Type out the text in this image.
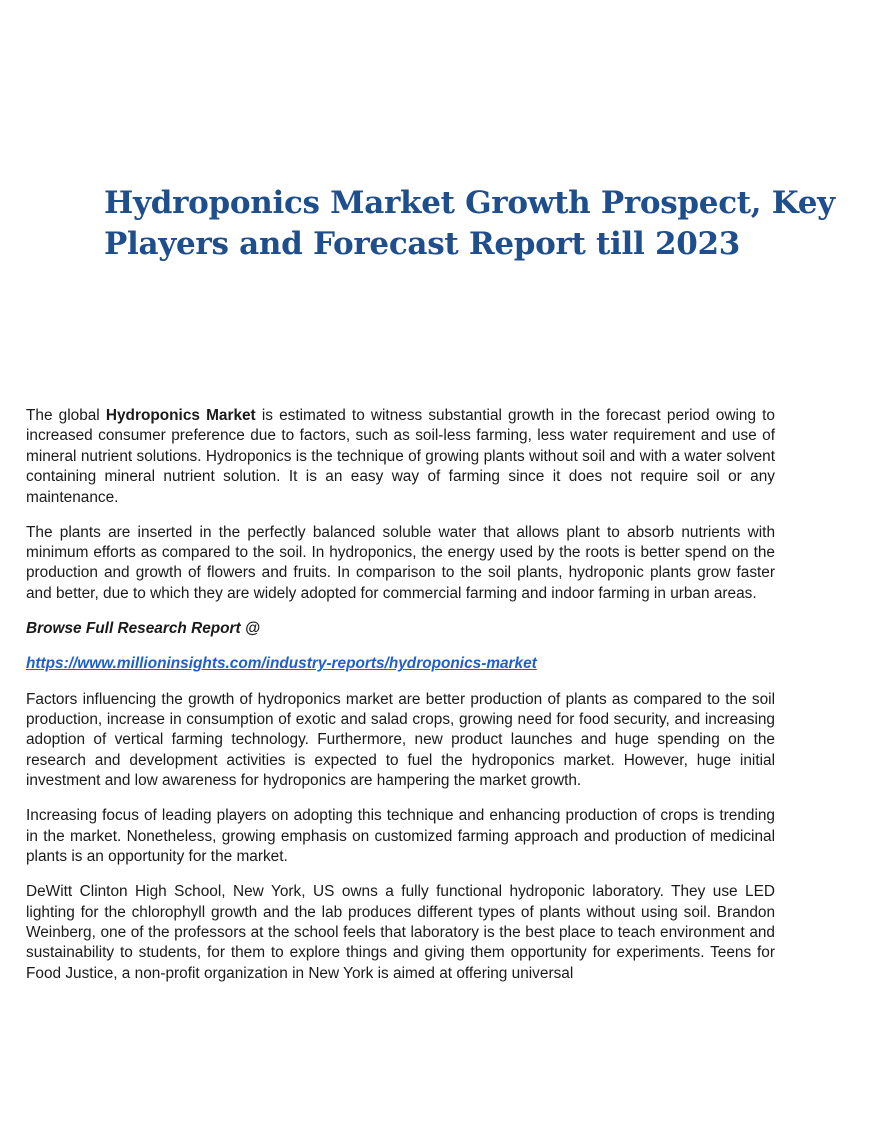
Hydroponics Market Growth Prospect, Key
Players and Forecast Report till 2023

The global Hydroponics Market is estimated to witness substantial growth in the forecast period owing to increased consumer preference due to factors, such as soil-less farming, less water requirement and use of mineral nutrient solutions. Hydroponics is the technique of growing plants without soil and with a water solvent containing mineral nutrient solution. It is an easy way of farming since it does not require soil or any maintenance.

The plants are inserted in the perfectly balanced soluble water that allows plant to absorb nutrients with minimum efforts as compared to the soil. In hydroponics, the energy used by the roots is better spend on the production and growth of flowers and fruits. In comparison to the soil plants, hydroponic plants grow faster and better, due to which they are widely adopted for commercial farming and indoor farming in urban areas.

Browse Full Research Report @

https://www.millioninsights.com/industry-reports/hydroponics-market

Factors influencing the growth of hydroponics market are better production of plants as compared to the soil production, increase in consumption of exotic and salad crops, growing need for food security, and increasing adoption of vertical farming technology. Furthermore, new product launches and huge spending on the research and development activities is expected to fuel the hydroponics market. However, huge initial investment and low awareness for hydroponics are hampering the market growth.

Increasing focus of leading players on adopting this technique and enhancing production of crops is trending in the market. Nonetheless, growing emphasis on customized farming approach and production of medicinal plants is an opportunity for the market.

DeWitt Clinton High School, New York, US owns a fully functional hydroponic laboratory. They use LED lighting for the chlorophyll growth and the lab produces different types of plants without using soil. Brandon Weinberg, one of the professors at the school feels that laboratory is the best place to teach environment and sustainability to students, for them to explore things and giving them opportunity for experiments. Teens for Food Justice, a non-profit organization in New York is aimed at offering universal
